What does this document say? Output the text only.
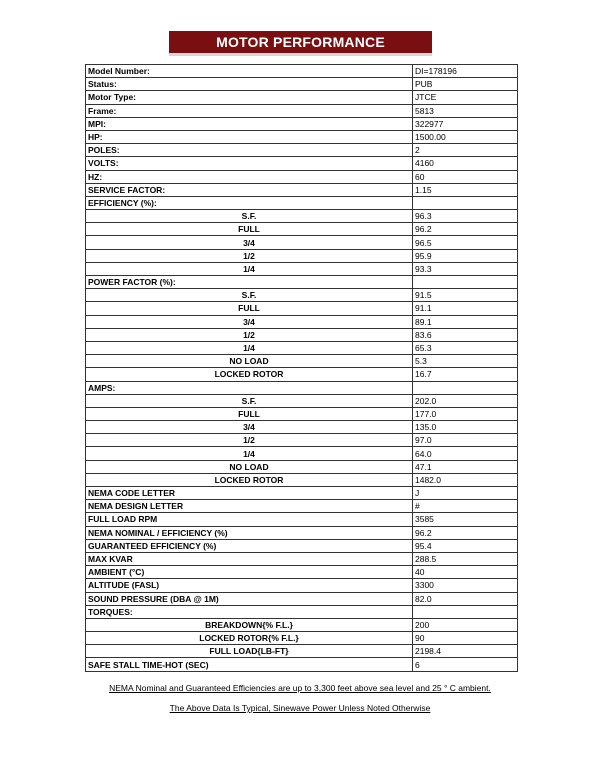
MOTOR PERFORMANCE
Model Number:	DI=178196
Status:	PUB
Motor Type:	JTCE
Frame:	5813
MPI:	322977
HP:	1500.00
POLES:	2
VOLTS:	4160
HZ:	60
SERVICE FACTOR:	1.15
EFFICIENCY (%):	
S.F.	96.3
FULL	96.2
3/4	96.5
1/2	95.9
1/4	93.3
POWER FACTOR (%):	
S.F.	91.5
FULL	91.1
3/4	89.1
1/2	83.6
1/4	65.3
NO LOAD	5.3
LOCKED ROTOR	16.7
AMPS:	
S.F.	202.0
FULL	177.0
3/4	135.0
1/2	97.0
1/4	64.0
NO LOAD	47.1
LOCKED ROTOR	1482.0
NEMA CODE LETTER	J
NEMA DESIGN LETTER	#
FULL LOAD RPM	3585
NEMA NOMINAL / EFFICIENCY (%)	96.2
GUARANTEED EFFICIENCY (%)	95.4
MAX KVAR	288.5
AMBIENT (°C)	40
ALTITUDE (FASL)	3300
SOUND PRESSURE (DBA @ 1M)	82.0
TORQUES:	
BREAKDOWN{% F.L.}	200
LOCKED ROTOR{% F.L.}	90
FULL LOAD{LB-FT}	2198.4
SAFE STALL TIME-HOT (SEC)	6
NEMA Nominal and Guaranteed Efficiencies are up to 3,300 feet above sea level and 25 ° C ambient.
The Above Data Is Typical, Sinewave Power Unless Noted Otherwise
